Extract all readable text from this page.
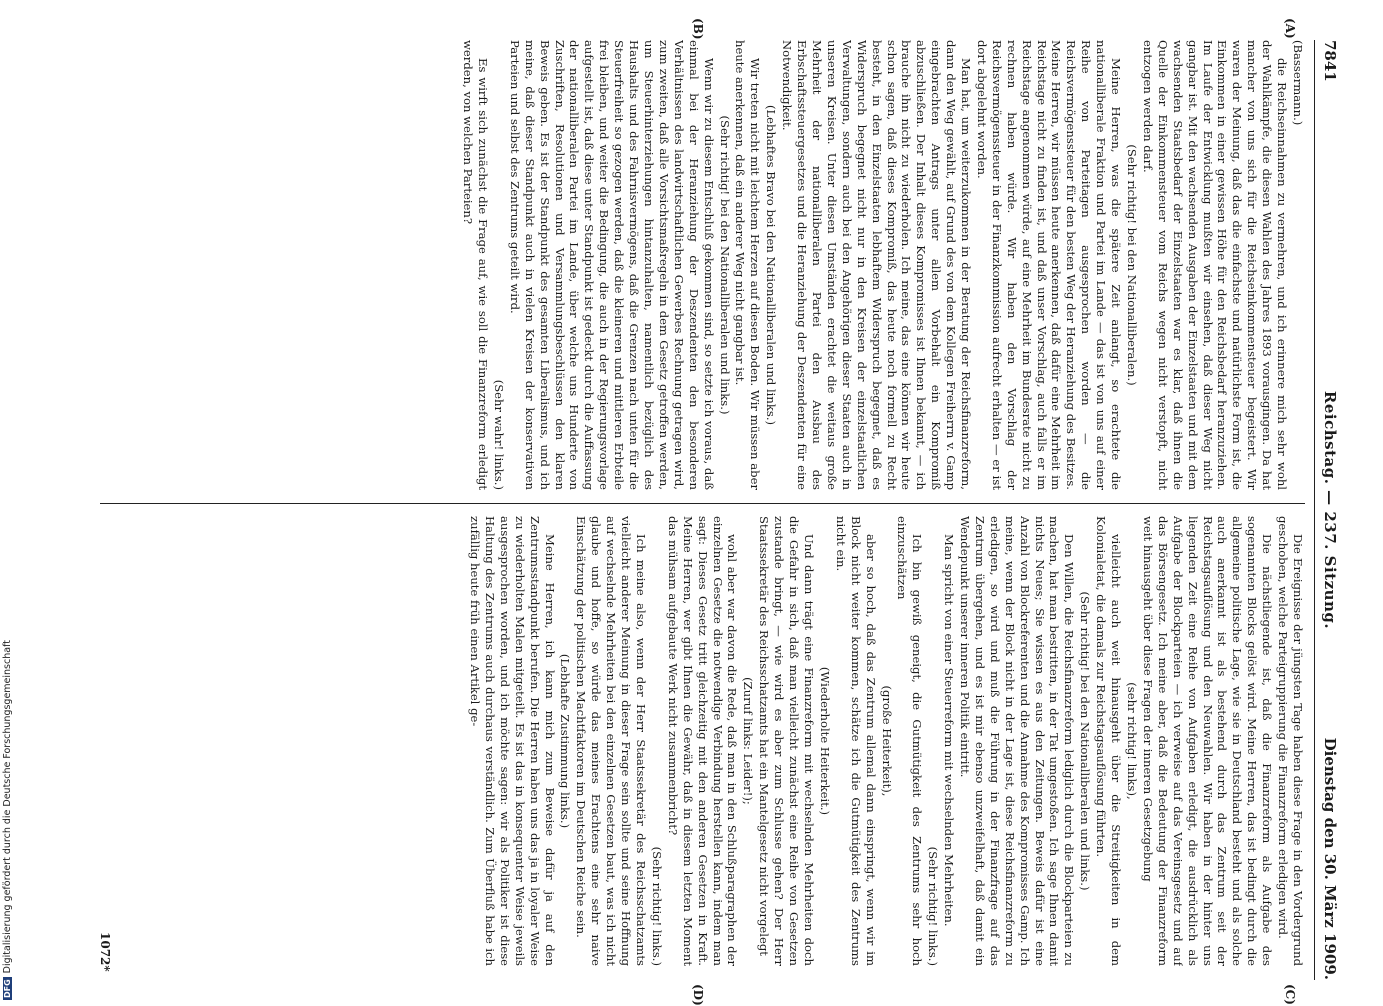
7841
Reichstag. — 237. Sitzung.
Dienstag den 30. März 1909.
(A)
(B)
(C)
(D)

(Bassermann.)

die Reichseinnahmen zu vermehren, und ich erinnere mich sehr wohl der Wahlkämpfe, die diesen Wahlen des Jahres 1893 vorausgingen. Da hat mancher von uns sich für die Reichseinkommensteuer begeistert. Wir waren der Meinung, daß das die einfachste und natürlichste Form ist, die Einkommen in einer gewissen Höhe für den Reichsbedarf heranzuziehen. Im Laufe der Entwicklung mußten wir einsehen, daß dieser Weg nicht gangbar ist. Mit den wachsenden Ausgaben der Einzelstaaten und mit dem wachsenden Staatsbedarf der Einzelstaaten war es klar, daß ihnen die Quelle der Einkommensteuer vom Reichs wegen nicht verstopft, nicht entzogen werden darf.

(Sehr richtig! bei den Nationalliberalen.)

Meine Herren, was die spätere Zeit anlangt, so erachtete die nationalliberale Fraktion und Partei im Lande — das ist von uns auf einer Reihe von Parteitagen ausgesprochen worden — die Reichsvermögenssteuer für den besten Weg der Heranziehung des Besitzes. Meine Herren, wir müssen heute anerkennen, daß dafür eine Mehrheit im Reichstage nicht zu finden ist, und daß unser Vorschlag, auch falls er im Reichstage angenommen würde, auf eine Mehrheit im Bundesrate nicht zu rechnen haben würde. Wir haben den Vorschlag der Reichsvermögenssteuer in der Finanzkommission aufrecht erhalten — er ist dort abgelehnt worden.

Man hat, um weiterzukommen in der Beratung der Reichsfinanzreform, dann den Weg gewählt, auf Grund des von dem Kollegen Freiherrn v. Gamp eingebrachten Antrags unter allem Vorbehalt ein Kompromiß abzuschließen. Der Inhalt dieses Kompromisses ist Ihnen bekannt, — ich brauche ihn nicht zu wiederholen. Ich meine, das eine können wir heute schon sagen, daß dieses Kompromiß, das heute noch formell zu Recht besteht, in den Einzelstaaten lebhaftem Widerspruch begegnet, daß es Widerspruch begegnet nicht nur in den Kreisen der einzelstaatlichen Verwaltungen, sondern auch bei den Angehörigen dieser Staaten auch in unseren Kreisen. Unter diesen Umständen erachtet die weitaus große Mehrheit der nationalliberalen Partei den Ausbau des Erbschaftssteuergesetzes und die Heranziehung der Deszendenten für eine Notwendigkeit.

(Lebhaftes Bravo bei den Nationalliberalen und links.)

Wir treten nicht mit leichtem Herzen auf diesen Boden. Wir müssen aber heute anerkennen, daß ein anderer Weg nicht gangbar ist.

(Sehr richtig! bei den Nationalliberalen und links.)

Wenn wir zu diesem Entschluß gekommen sind, so setzte ich voraus, daß einmal bei der Heranziehung der Deszendenten den besonderen Verhältnissen des landwirtschaftlichen Gewerbes Rechnung getragen wird, zum zweiten, daß alle Vorsichtsmaßregeln in dem Gesetz getroffen werden, um Steuerhinterziehungen hintanzuhalten, namentlich bezüglich des Haushalts und des Fahrnisvermögens, daß die Grenzen nach unten für die Steuerfreiheit so gezogen werden, daß die kleineren und mittleren Erbteile frei bleiben, und weiter die Bedingung, die auch in der Regierungsvorlage aufgestellt ist, daß diese unter Standpunkt ist gedeckt durch die Auffassung der nationalliberalen Partei im Lande, über welche uns Hunderte von Zuschriften, Resolutionen und Versammlungsbeschlüssen den klaren Beweis geben. Es ist der Standpunkt des gesamten Liberalismus, und ich meine, daß dieser Standpunkt auch in vielen Kreisen der konservativen Parteien und selbst des Zentrums geteilt wird.

(Sehr wahr! links.)

Es wirft sich zunächst die Frage auf, wie soll die Finanzreform erledigt werden, von welchen Parteien?

Die Ereignisse der jüngsten Tage haben diese Frage in den Vordergrund geschoben, welche Parteigruppierung die Finanzreform erledigen wird.

Die nächstliegende ist, daß die Finanzreform als Aufgabe des sogenannten Blocks gelöst wird. Meine Herren, das ist bedingt durch die allgemeine politische Lage, wie sie in Deutschland besteht und als solche auch anerkannt ist als bestehend durch das Zentrum seit der Reichstagsauflösung und den Neuwahlen. Wir haben in der hinter uns liegenden Zeit eine Reihe von Aufgaben erledigt, die ausdrücklich als Aufgabe der Blockparteien — ich verweise auf das Vereinsgesetz und auf das Börsengesetz. Ich meine aber, daß die Bedeutung der Finanzreform weit hinausgeht über diese Fragen der inneren Gesetzgebung

(sehr richtig! links),

vielleicht auch weit hinausgeht über die Streitigkeiten in dem Kolonialetat, die damals zur Reichstagsauflösung führten.

(Sehr richtig! bei den Nationalliberalen und links.)

Den Willen, die Reichsfinanzreform lediglich durch die Blockparteien zu machen, hat man bestritten, in der Tat umgestoßen. Ich sage Ihnen damit nichts Neues; Sie wissen es aus den Zeitungen. Beweis dafür ist eine Anzahl von Blockreferenten und die Annahme des Kompromisses Gamp. Ich meine, wenn der Block nicht in der Lage ist, diese Reichsfinanzreform zu erledigen, so wird und muß die Führung in der Finanzfrage auf das Zentrum übergehen, und es ist mir ebenso unzweifelhaft, daß damit ein Wendepunkt unserer inneren Politik eintritt.

Man spricht von einer Steuerreform mit wechselnden Mehrheiten.

(Sehr richtig! links.)

Ich bin gewiß geneigt, die Gutmütigkeit des Zentrums sehr hoch einzuschätzen

(große Heiterkeit),

aber so hoch, daß das Zentrum allemal dann einspringt, wenn wir im Block nicht weiter kommen, schätze ich die Gutmütigkeit des Zentrums nicht ein.

(Wiederholte Heiterkeit.)

Und dann trägt eine Finanzreform mit wechselnden Mehrheiten doch die Gefahr in sich, daß man vielleicht zunächst eine Reihe von Gesetzen zustande bringt, — wie wird es aber zum Schlusse gehen? Der Herr Staatssekretär des Reichsschatzamts hat ein Mantelgesetz nicht vorgelegt

(Zuruf links: Leider!);

wohl aber war davon die Rede, daß man in den Schlußparagraphen der einzelnen Gesetze die notwendige Verbindung herstellen kann, indem man sagt: Dieses Gesetz tritt gleichzeitig mit den anderen Gesetzen in Kraft. Meine Herren, wer gibt Ihnen die Gewähr, daß in diesem letzten Moment das mühsam aufgebaute Werk nicht zusammenbricht?

(Sehr richtig! links.)

Ich meine also, wenn der Herr Staatssekretär des Reichsschatzamts vielleicht anderer Meinung in dieser Frage sein sollte und seine Hoffnung auf wechselnde Mehrheiten bei den einzelnen Gesetzen baut, was ich nicht glaube und hoffe, so würde das meines Erachtens eine sehr naive Einschätzung der politischen Machtfaktoren im Deutschen Reiche sein.

(Lebhafte Zustimmung links.)

Meine Herren, ich kann mich zum Beweise dafür ja auf den Zentrumsstandpunkt berufen. Die Herren haben uns das ja in loyaler Weise zu wiederholten Malen mitgeteilt. Es ist das in konsequenter Weise jeweils ausgesprochen worden, und ich möchte sagen: wir als Politiker ist diese Haltung des Zentrums auch durchaus verständlich. Zum Überfluß habe ich zufällig heute früh einen Artikel ge-

1072*
DFGDigitalisierung gefördert durch die Deutsche Forschungsgemeinschaft
